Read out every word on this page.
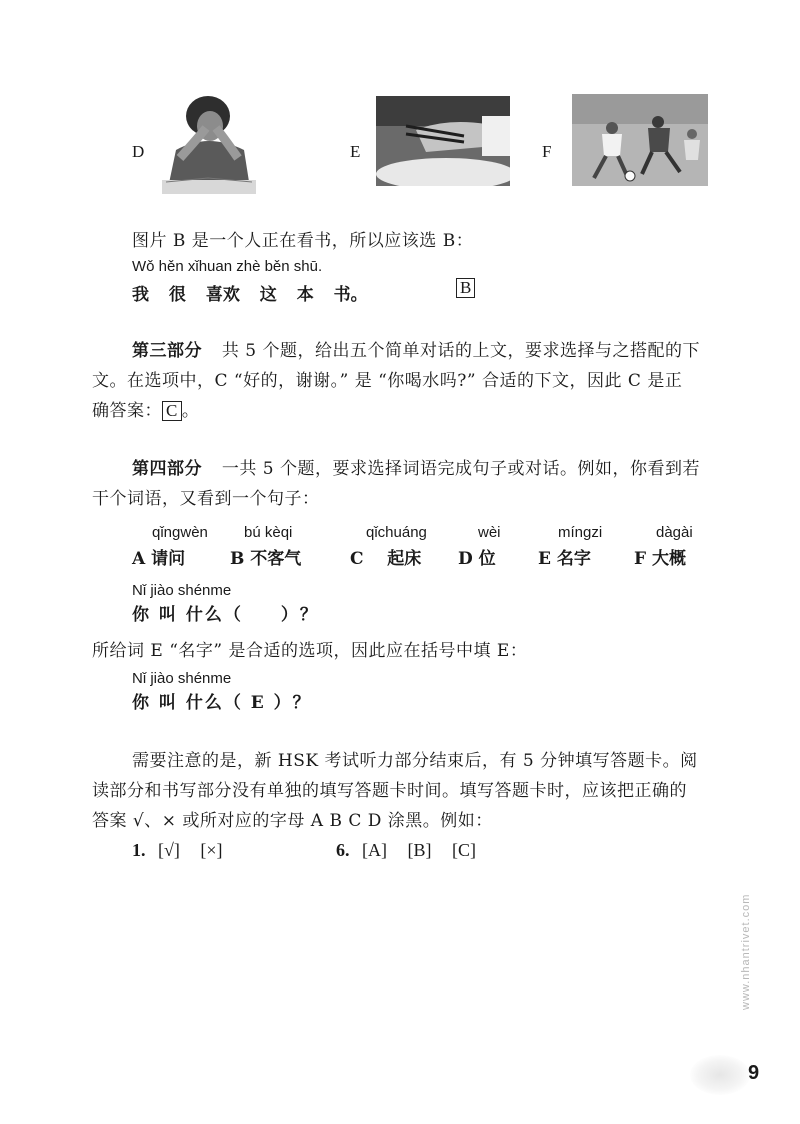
D	E	F
图片 B 是一个人正在看书，所以应该选 B：
Wǒ hěn xǐhuan zhè běn shū.
我 很 喜欢 这 本 书。	B
第三部分 共 5 个题，给出五个简单对话的上文，要求选择与之搭配的下
文。在选项中，C “好的，谢谢。” 是 “你喝水吗?” 合适的下文，因此 C 是正
确答案： C 。
第四部分 一共 5 个题，要求选择词语完成句子或对话。例如，你看到若
干个词语，又看到一个句子：
qǐngwèn
A 请问
bú kèqi
B 不客气
qǐchuáng
C 起床
wèi
D 位
míngzi
E 名字
dàgài
F 大概
Nǐ jiào shénme
你 叫 什么（　　）？
所给词 E “名字” 是合适的选项，因此应在括号中填 E：
Nǐ jiào shénme
你 叫 什么（ E ）？
需要注意的是，新 HSK 考试听力部分结束后，有 5 分钟填写答题卡。阅
读部分和书写部分没有单独的填写答题卡时间。填写答题卡时，应该把正确的
答案 √、× 或所对应的字母 A B C D 涂黑。例如：
1. [√] [×]	6. [A] [B] [C]
www.nhantrivet.com
9
